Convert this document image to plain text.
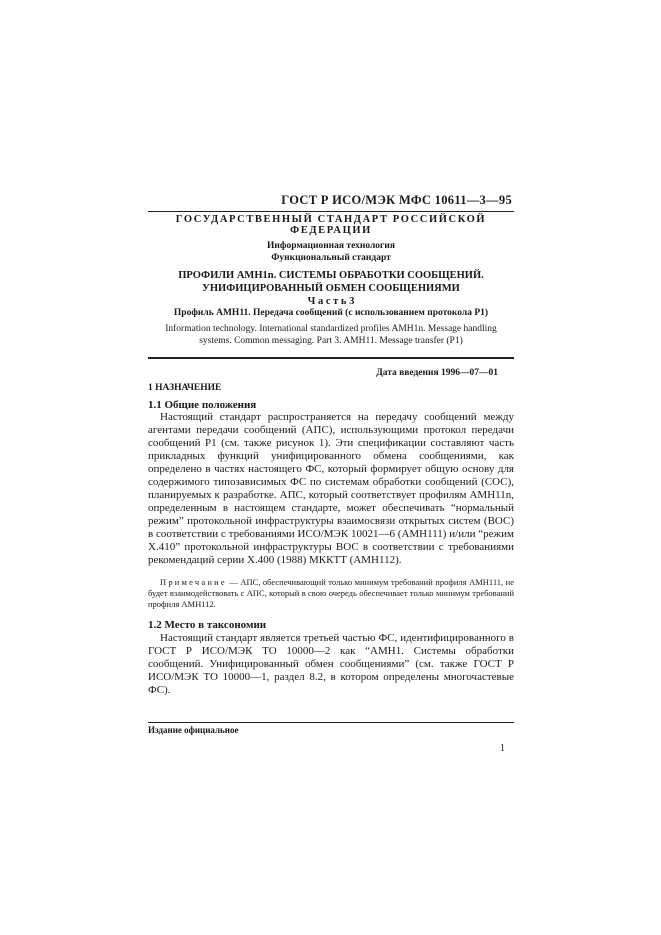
ГОСТ Р ИСО/МЭК МФС 10611—3—95
ГОСУДАРСТВЕННЫЙ СТАНДАРТ РОССИЙСКОЙ ФЕДЕРАЦИИ
Информационная технология
Функциональный стандарт
ПРОФИЛИ АМН1n. СИСТЕМЫ ОБРАБОТКИ СООБЩЕНИЙ.
УНИФИЦИРОВАННЫЙ ОБМЕН СООБЩЕНИЯМИ
Ч а с т ь 3
Профиль АМН11. Передача сообщений (с использованием протокола Р1)
Information technology. International standardized profiles AMH1n. Message handling systems. Common messaging. Part 3. AMH11. Message transfer (P1)
Дата введения 1996—07—01
1 НАЗНАЧЕНИЕ
1.1 Общие положения
Настоящий стандарт распространяется на передачу сообщений между агентами передачи сообщений (АПС), использующими протокол передачи сообщений Р1 (см. также рисунок 1). Эти спецификации составляют часть прикладных функций унифицированного обмена сообщениями, как определено в частях настоящего ФС, который формирует общую основу для содержимого типозависимых ФС по системам обработки сообщений (СОС), планируемых к разработке. АПС, который соответствует профилям АМН11n, определенным в настоящем стандарте, может обеспечивать “нормальный режим” протокольной инфраструктуры взаимосвязи открытых систем (ВОС) в соответствии с требованиями ИСО/МЭК 10021—6 (АМН111) и/или “режим Х.410” протокольной инфраструктуры ВОС в соответствии с требованиями рекомендаций серии Х.400 (1988) МККТТ (АМН112).
Примечание — АПС, обеспечивающий только минимум требований профиля АМН111, не будет взаимодействовать с АПС, который в свою очередь обеспечивает только минимум требований профиля АМН112.
1.2 Место в таксономии
Настоящий стандарт является третьей частью ФС, идентифицированного в ГОСТ Р ИСО/МЭК ТО 10000—2 как “АМН1. Системы обработки сообщений. Унифицированный обмен сообщениями” (см. также ГОСТ Р ИСО/МЭК ТО 10000—1, раздел 8.2, в котором определены многочастевые ФС).
Издание официальное
1
